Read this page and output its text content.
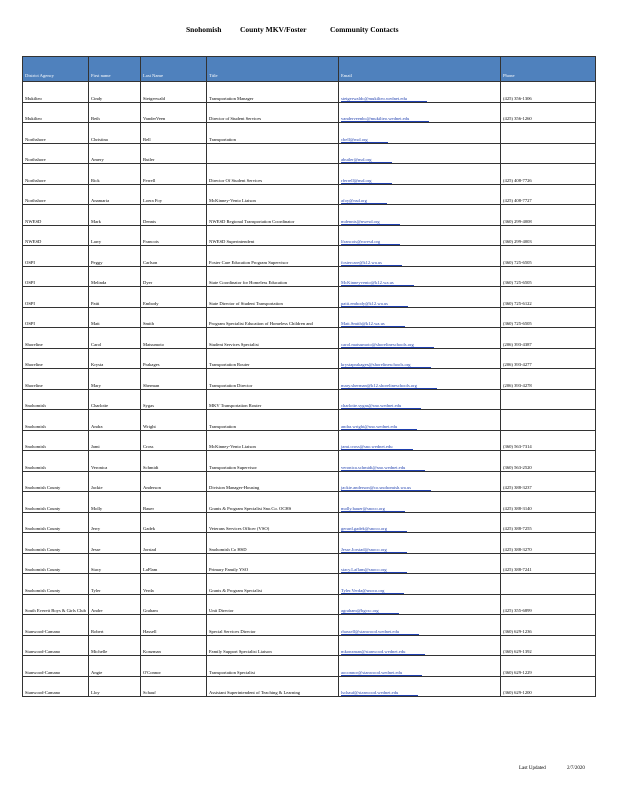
Snohomish County MKV/Foster	Community Contacts
District Agency	First name	Last Name	Title	Email	Phone
Mukilteo	Cindy	Steigerwald	Transportation Manager	steigerwaldc@mukilteo.wednet.edu	(425) 356-1306
Mukilteo	Beth	VanderVeen	Director of Student Services	vanderveenbc@mukilteo.wednet.edu	(425) 356-1260
Northshore	Christina	Bell	Transportation	cbell@nsd.org	
Northshore	Amery	Butler		abutler@nsd.org	
Northshore	Rick	Ferrell	Director Of Student Services	rferrell@nsd.org	(425) 408-7726
Northshore	Anamaria	Loera Foy	McKinney-Vento Liaison	afoy@nsd.org	(425) 408-7727
NWESD	Mark	Dennis	NWESD Regional Transportation Coordinator	mdennis@nwesd.org	(360) 299-4008
NWESD	Larry	Francois	NWESD Superintendent	lfrancois@nwesd.org	(360) 299-4003
OSPI	Peggy	Carlson	Foster Care Education Program Supervisor	fostercare@k12.wa.us	(360) 725-6505
OSPI	Melinda	Dyer	State Coordinator for Homeless Education	McKinneyvento@k12.wa.us	(360) 725-6505
OSPI	Patti	Embody	State Director of Student Transportation	patti.embody@k12.wa.us	(360) 725-6122
OSPI	Matt	Smith	Program Specialist Education of Homeless Children and	Matt.Smith@k12.wa.us	(360) 725-6505
Shoreline	Carol	Matsumoto	Student Services Specialist	carol.matsumoto@shorelineschools.org	(206) 393-4387
Shoreline	Krysta	Prakages	Transportation Router	krystaprakages@shorelineschools.org	(206) 393-4277
Shoreline	Mary	Sherman	Transportation Director	mary.sherman@k12.shorelineschools.org	(206) 393-4278
Snohomish	Charlotte	Sygas	MKV Transportation Router	charlotte.sygas@sno.wednet.edu	
Snohomish	Andra	Wright	Transportation	andra.wright@sno.wednet.edu	
Snohomish	Jami	Cross	McKinney-Vento Liaison	jami.cross@sno.wednet.edu	(360) 563-7314
Snohomish	Veronica	Schmidt	Transportation Supervisor	veronica.schmidt@sno.wednet.edu	(360) 563-2520
Snohomish County	Jackie	Anderson	Division Manager-Housing	jackie.anderson@co.snohomish.wa.us	(425) 388-3237
Snohomish County	Molly	Bauer	Grants & Program Specialist Sno.Co. OCHS	molly.bauer@snoco.org	(425) 388-3140
Snohomish County	Jerry	Gadek	Veterans Services Officer (VSO)	gerard.gadek@snoco.org	(425) 388-7255
Snohomish County	Jesse	Jorstad	Snohomish Co HSD	Jesse.Jorstad@snoco.org	(425) 388-3270
Snohomish County	Stacy	LaFlam	Primary Family YSO	stacy.Laflam@snoco.org	(425) 388-7241
Snohomish County	Tyler	Verda	Grants & Program Specialist	Tyler.Verda@snoco.org	
South Everett Boys & Girls Club	Andre	Graham	Unit Director	agraham@bgcsc.org	(425) 355-6899
Stanwood-Camano	Robert	Hassell	Special Services Director	rhassell@stanwood.wednet.edu	(360) 629-1236
Stanwood-Camano	Michelle	Konzman	Family Support Specialist Liaison	mkonzman@stanwood.wednet.edu	(360) 629-1392
Stanwood-Camano	Angie	O'Connor	Transportation Specialist	aoconnor@stanwood.wednet.edu	(360) 629-1229
Stanwood-Camano	Lloy	Schauf	Assistant Superintendent of Teaching & Learning	lschauf@stanwood.wednet.edu	(360) 629-1200
Last Updated	2/7/2020
